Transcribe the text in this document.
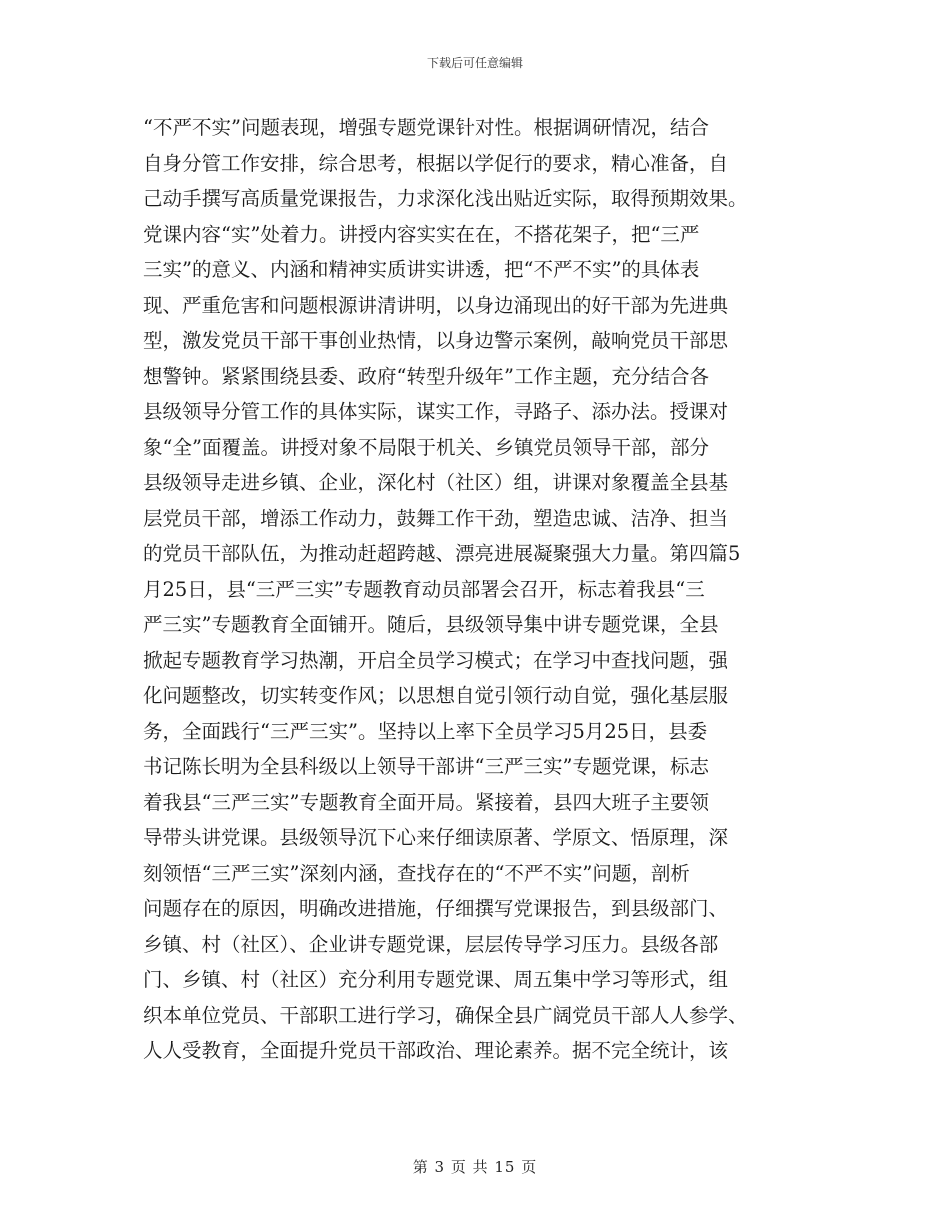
下载后可任意编辑
“不严不实”问题表现，增强专题党课针对性。根据调研情况，结合
自身分管工作安排，综合思考，根据以学促行的要求，精心准备，自
己动手撰写高质量党课报告，力求深化浅出贴近实际，取得预期效果。
党课内容“实”处着力。讲授内容实实在在，不搭花架子，把“三严
三实”的意义、内涵和精神实质讲实讲透，把“不严不实”的具体表
现、严重危害和问题根源讲清讲明，以身边涌现出的好干部为先进典
型，激发党员干部干事创业热情，以身边警示案例，敲响党员干部思
想警钟。紧紧围绕县委、政府“转型升级年”工作主题，充分结合各
县级领导分管工作的具体实际，谋实工作，寻路子、添办法。授课对
象“全”面覆盖。讲授对象不局限于机关、乡镇党员领导干部，部分
县级领导走进乡镇、企业，深化村（社区）组，讲课对象覆盖全县基
层党员干部，增添工作动力，鼓舞工作干劲，塑造忠诚、洁净、担当
的党员干部队伍，为推动赶超跨越、漂亮进展凝聚强大力量。第四篇5
月25日，县“三严三实”专题教育动员部署会召开，标志着我县“三
严三实”专题教育全面铺开。随后，县级领导集中讲专题党课，全县
掀起专题教育学习热潮，开启全员学习模式；在学习中查找问题，强
化问题整改，切实转变作风；以思想自觉引领行动自觉，强化基层服
务，全面践行“三严三实”。坚持以上率下全员学习5月25日，县委
书记陈长明为全县科级以上领导干部讲“三严三实”专题党课，标志
着我县“三严三实”专题教育全面开局。紧接着，县四大班子主要领
导带头讲党课。县级领导沉下心来仔细读原著、学原文、悟原理，深
刻领悟“三严三实”深刻内涵，查找存在的“不严不实”问题，剖析
问题存在的原因，明确改进措施，仔细撰写党课报告，到县级部门、
乡镇、村（社区）、企业讲专题党课，层层传导学习压力。县级各部
门、乡镇、村（社区）充分利用专题党课、周五集中学习等形式，组
织本单位党员、干部职工进行学习，确保全县广阔党员干部人人参学、
人人受教育，全面提升党员干部政治、理论素养。据不完全统计，该
第 3 页 共 15 页
